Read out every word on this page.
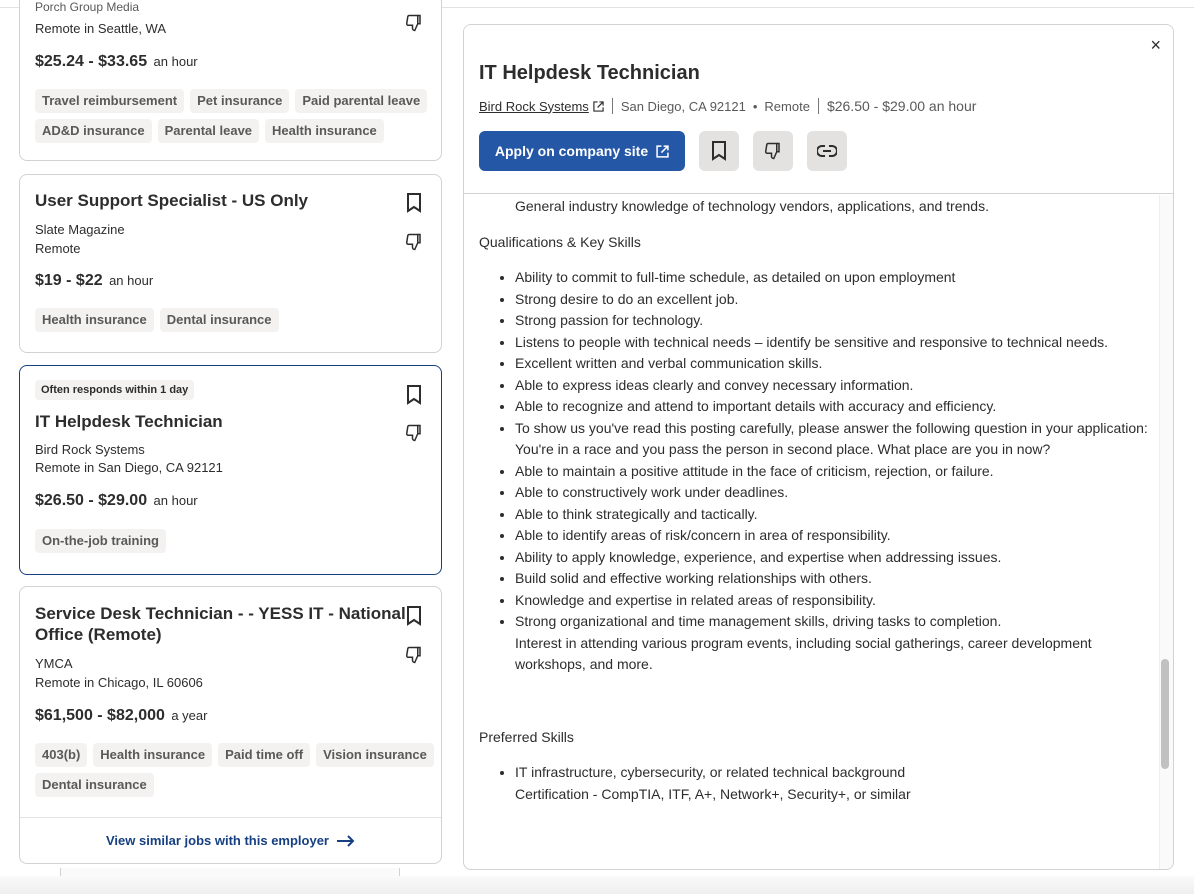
Porch Group Media
Remote in Seattle, WA
$25.24 - $33.65 an hour
Travel reimbursement	Pet insurance	Paid parental leave
AD&D insurance	Parental leave	Health insurance
User Support Specialist - US Only
Slate Magazine
Remote
$19 - $22 an hour
Health insurance	Dental insurance
Often responds within 1 day
IT Helpdesk Technician
Bird Rock Systems
Remote in San Diego, CA 92121
$26.50 - $29.00 an hour
On-the-job training
Service Desk Technician - - YESS IT - National
Office (Remote)
YMCA
Remote in Chicago, IL 60606
$61,500 - $82,000 a year
403(b)	Health insurance	Paid time off	Vision insurance
Dental insurance
View similar jobs with this employer
General industry knowledge of technology vendors, applications, and trends.

Qualifications & Key Skills

• Ability to commit to full-time schedule, as detailed on upon employment
• Strong desire to do an excellent job.
• Strong passion for technology.
• Listens to people with technical needs – identify be sensitive and responsive to technical needs.
• Excellent written and verbal communication skills.
• Able to express ideas clearly and convey necessary information.
• Able to recognize and attend to important details with accuracy and efficiency.
• To show us you've read this posting carefully, please answer the following question in your application: You're in a race and you pass the person in second place. What place are you in now?
• Able to maintain a positive attitude in the face of criticism, rejection, or failure.
• Able to constructively work under deadlines.
• Able to think strategically and tactically.
• Able to identify areas of risk/concern in area of responsibility.
• Ability to apply knowledge, experience, and expertise when addressing issues.
• Build solid and effective working relationships with others.
• Knowledge and expertise in related areas of responsibility.
• Strong organizational and time management skills, driving tasks to completion.
Interest in attending various program events, including social gatherings, career development workshops, and more.

Preferred Skills

• IT infrastructure, cybersecurity, or related technical background
Certification - CompTIA, ITF, A+, Network+, Security+, or similar
×
IT Helpdesk Technician
Bird Rock Systems San Diego, CA 92121 • Remote $26.50 - $29.00 an hour
Apply on company site
